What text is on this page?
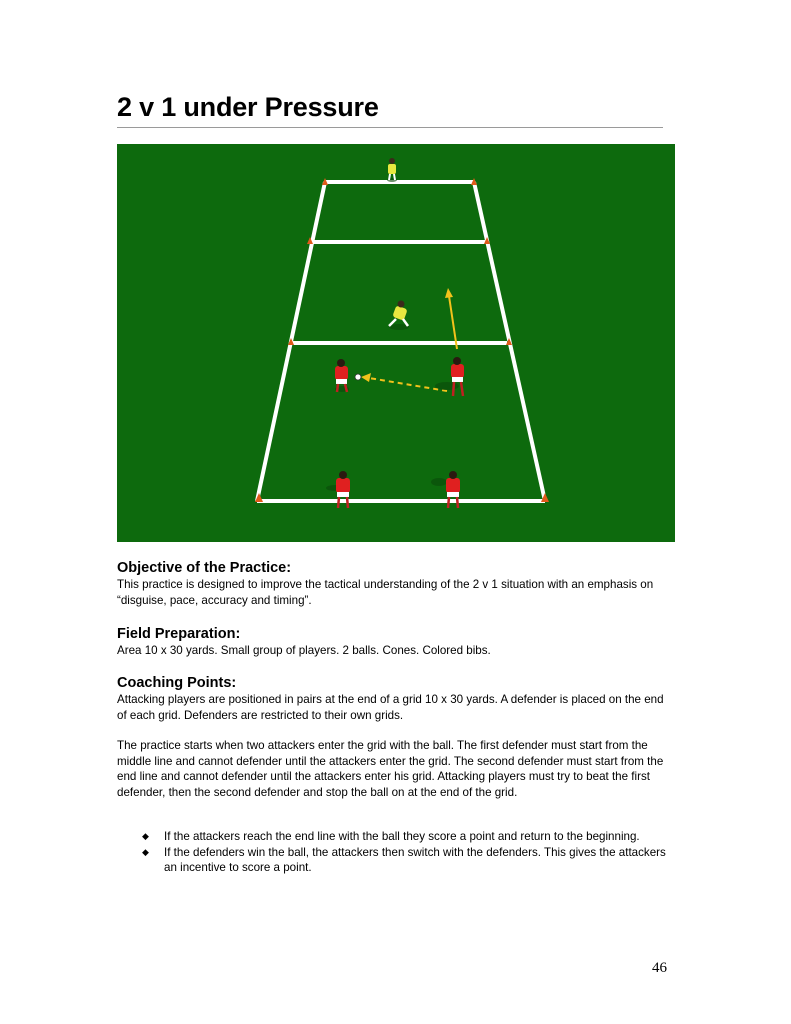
2 v 1 under Pressure
Objective of the Practice:

This practice is designed to improve the tactical understanding of the 2 v 1 situation with an emphasis on “disguise, pace, accuracy and timing”.

Field Preparation:

Area 10 x 30 yards. Small group of players. 2 balls. Cones. Colored bibs.

Coaching Points:

Attacking players are positioned in pairs at the end of a grid 10 x 30 yards. A defender is placed on the end of each grid. Defenders are restricted to their own grids.

The practice starts when two attackers enter the grid with the ball. The first defender must start from the middle line and cannot defender until the attackers enter the grid. The second defender must start from the end line and cannot defender until the attackers enter his grid. Attacking players must try to beat the first defender, then the second defender and stop the ball on at the end of the grid.

◆ If the attackers reach the end line with the ball they score a point and return to the beginning.
◆ If the defenders win the ball, the attackers then switch with the defenders. This gives the attackers an incentive to score a point.
46
